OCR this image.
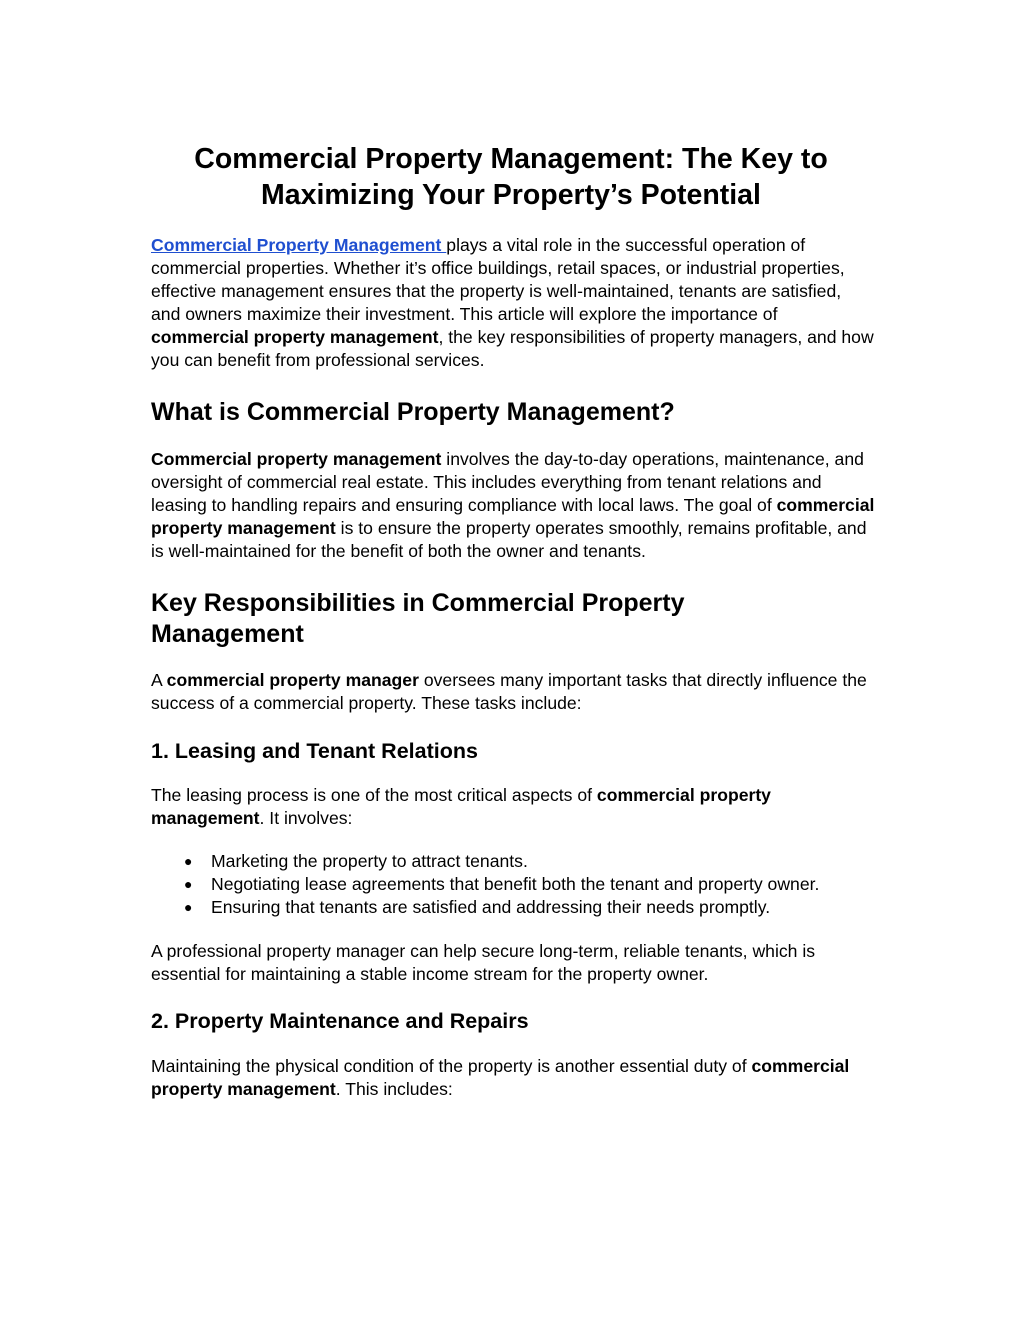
Commercial Property Management: The Key to
Maximizing Your Property’s Potential

Commercial Property Management plays a vital role in the successful operation of commercial properties. Whether it’s office buildings, retail spaces, or industrial properties, effective management ensures that the property is well-maintained, tenants are satisfied, and owners maximize their investment. This article will explore the importance of commercial property management, the key responsibilities of property managers, and how you can benefit from professional services.

What is Commercial Property Management?

Commercial property management involves the day-to-day operations, maintenance, and oversight of commercial real estate. This includes everything from tenant relations and leasing to handling repairs and ensuring compliance with local laws. The goal of commercial property management is to ensure the property operates smoothly, remains profitable, and is well-maintained for the benefit of both the owner and tenants.

Key Responsibilities in Commercial Property
Management

A commercial property manager oversees many important tasks that directly influence the success of a commercial property. These tasks include:

1. Leasing and Tenant Relations

The leasing process is one of the most critical aspects of commercial property management. It involves:

● Marketing the property to attract tenants.
● Negotiating lease agreements that benefit both the tenant and property owner.
● Ensuring that tenants are satisfied and addressing their needs promptly.

A professional property manager can help secure long-term, reliable tenants, which is essential for maintaining a stable income stream for the property owner.

2. Property Maintenance and Repairs

Maintaining the physical condition of the property is another essential duty of commercial property management. This includes:
